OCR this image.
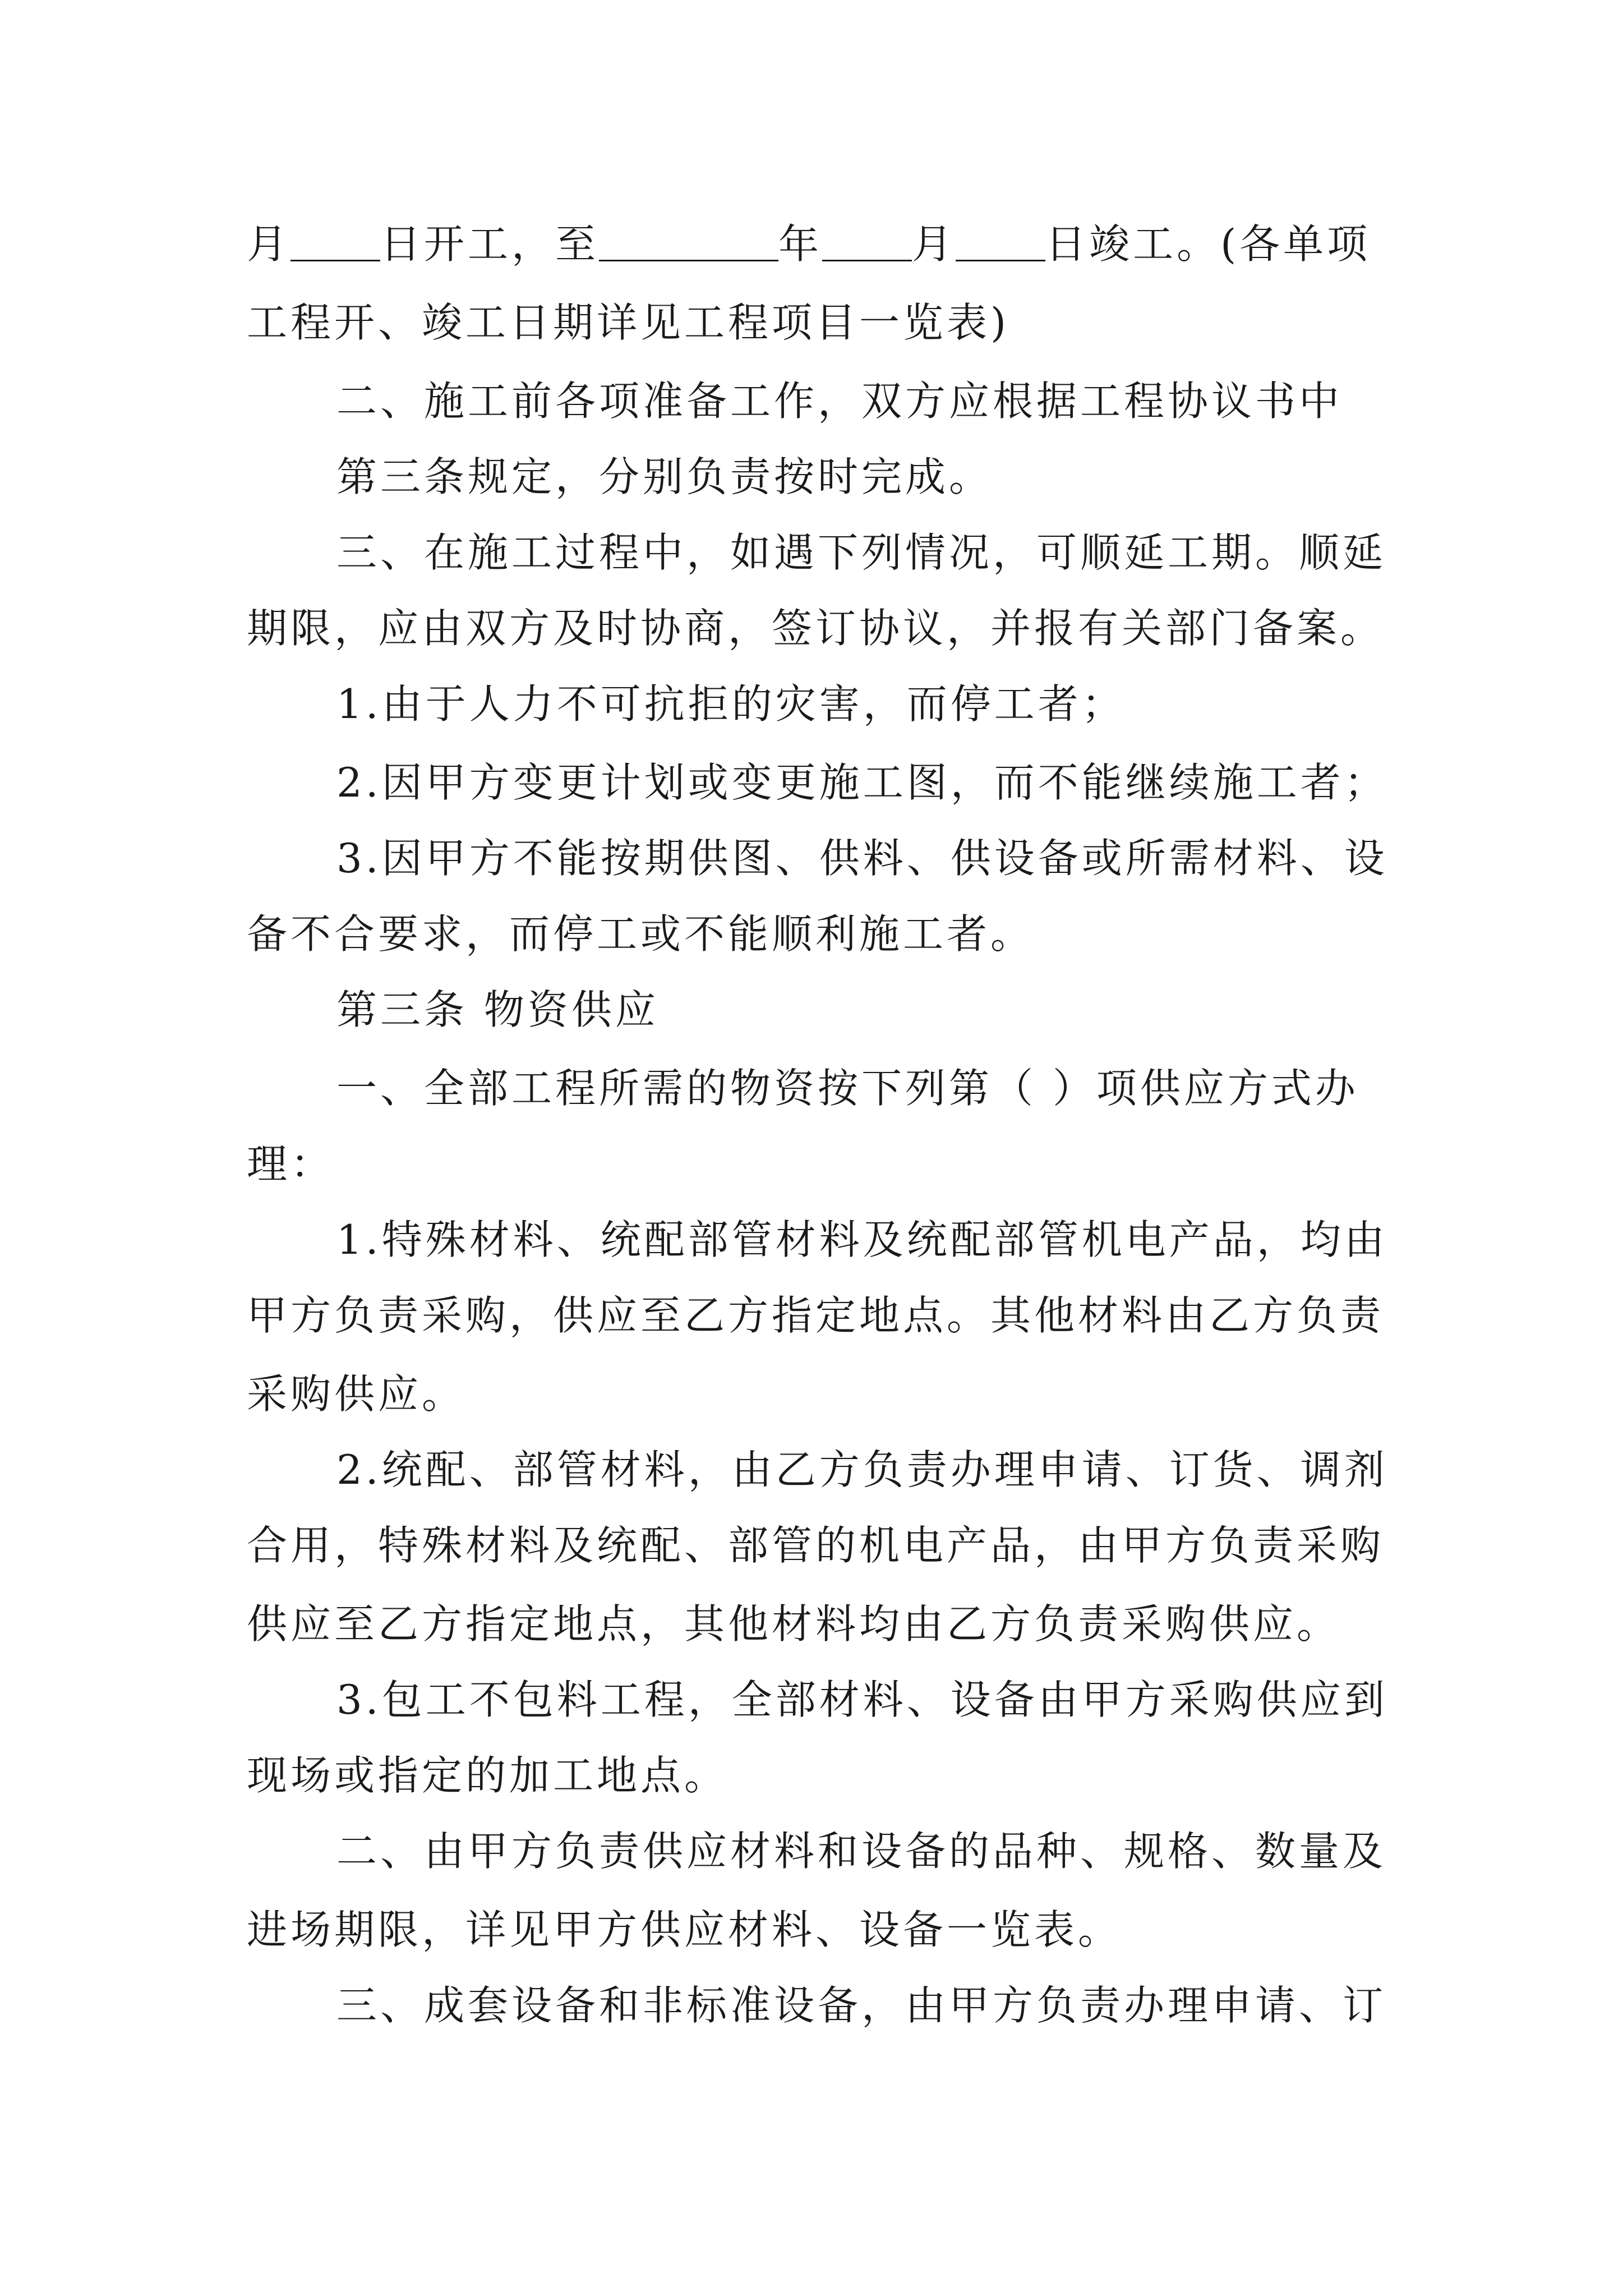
月 日开工，至	年 月 日竣工。(各单项
工程开、竣工日期详见工程项目一览表)
二、施工前各项准备工作，双方应根据工程协议书中
第三条规定，分别负责按时完成。
三、在施工过程中，如遇下列情况，可顺延工期。顺延
期限，应由双方及时协商，签订协议，并报有关部门备案。
1.由于人力不可抗拒的灾害，而停工者；
2.因甲方变更计划或变更施工图，而不能继续施工者；
3.因甲方不能按期供图、供料、供设备或所需材料、设
备不合要求，而停工或不能顺利施工者。
第三条 物资供应
一、全部工程所需的物资按下列第（ ）项供应方式办
理：
1.特殊材料、统配部管材料及统配部管机电产品，均由
甲方负责采购，供应至乙方指定地点。其他材料由乙方负责
采购供应。
2.统配、部管材料，由乙方负责办理申请、订货、调剂
合用，特殊材料及统配、部管的机电产品，由甲方负责采购
供应至乙方指定地点，其他材料均由乙方负责采购供应。
3.包工不包料工程，全部材料、设备由甲方采购供应到
现场或指定的加工地点。
二、由甲方负责供应材料和设备的品种、规格、数量及
进场期限，详见甲方供应材料、设备一览表。
三、成套设备和非标准设备，由甲方负责办理申请、订
